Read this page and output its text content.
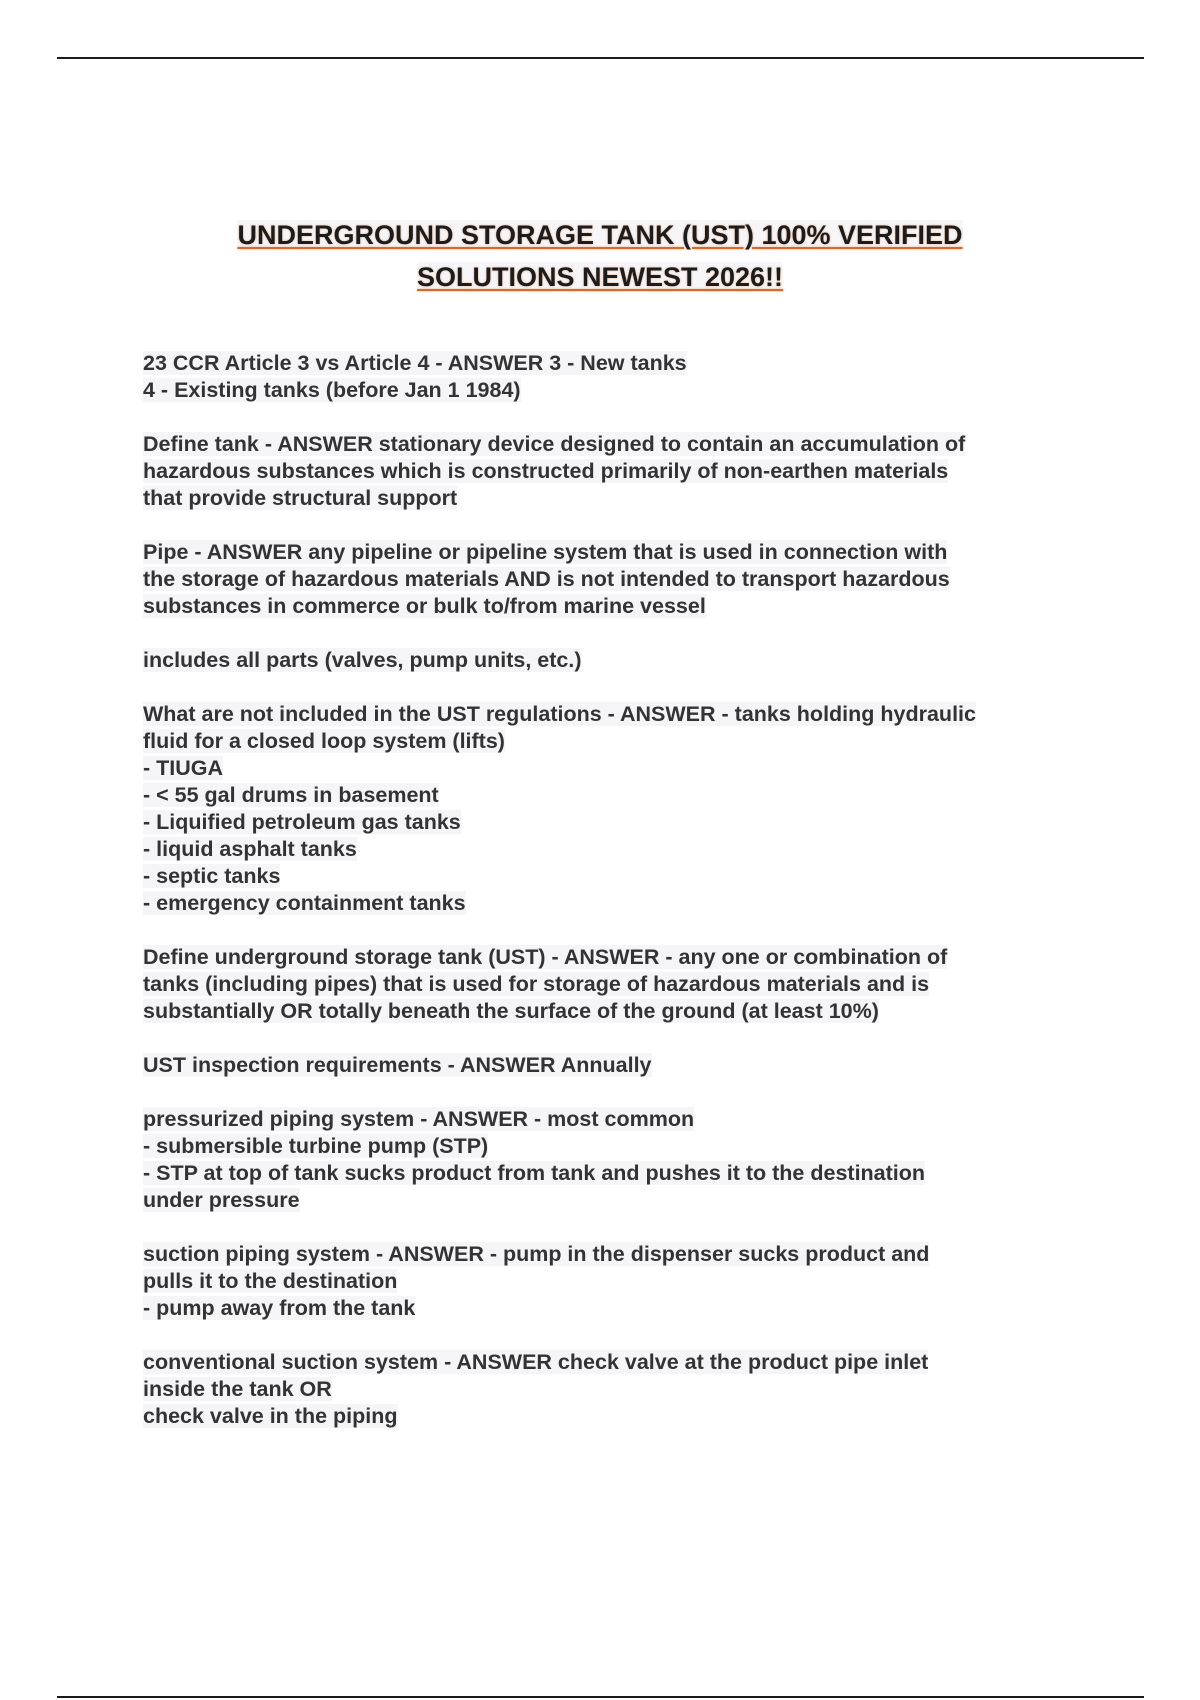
UNDERGROUND STORAGE TANK (UST) 100% VERIFIED
SOLUTIONS NEWEST 2026!!
23 CCR Article 3 vs Article 4 - ANSWER 3 - New tanks
4 - Existing tanks (before Jan 1 1984)
Define tank - ANSWER stationary device designed to contain an accumulation of
hazardous substances which is constructed primarily of non-earthen materials
that provide structural support
Pipe - ANSWER any pipeline or pipeline system that is used in connection with
the storage of hazardous materials AND is not intended to transport hazardous
substances in commerce or bulk to/from marine vessel
includes all parts (valves, pump units, etc.)
What are not included in the UST regulations - ANSWER - tanks holding hydraulic
fluid for a closed loop system (lifts)
- TIUGA
- < 55 gal drums in basement
- Liquified petroleum gas tanks
- liquid asphalt tanks
- septic tanks
- emergency containment tanks
Define underground storage tank (UST) - ANSWER - any one or combination of
tanks (including pipes) that is used for storage of hazardous materials and is
substantially OR totally beneath the surface of the ground (at least 10%)
UST inspection requirements - ANSWER Annually
pressurized piping system - ANSWER - most common
- submersible turbine pump (STP)
- STP at top of tank sucks product from tank and pushes it to the destination
under pressure
suction piping system - ANSWER - pump in the dispenser sucks product and
pulls it to the destination
- pump away from the tank
conventional suction system - ANSWER check valve at the product pipe inlet
inside the tank OR
check valve in the piping
